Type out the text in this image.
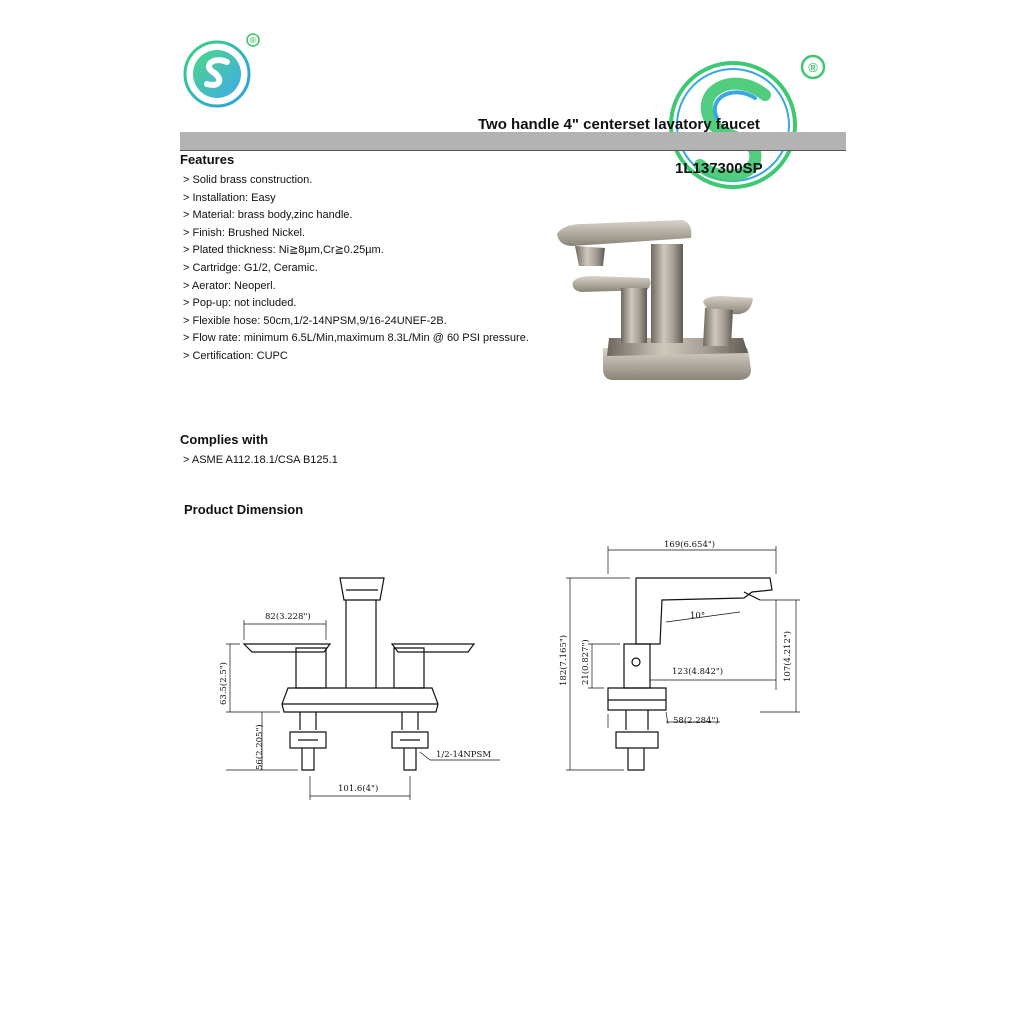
®
®
Two handle 4" centerset lavatory faucet
1L137300SP
Features
> Solid brass construction.
> Installation: Easy
> Material: brass body,zinc handle.
> Finish: Brushed Nickel.
> Plated thickness: Ni≧‍8µm,Cr≧‍0.25µm.
> Cartridge: G1/2, Ceramic.
> Aerator: Neoperl.
> Pop-up: not included.
> Flexible hose: 50cm,1/2-14NPSM,9/16-24UNEF-2B.
> Flow rate: minimum 6.5L/Min,maximum 8.3L/Min @ 60 PSI pressure.
> Certification: CUPC
Complies with
> ASME A112.18.1/CSA B125.1
Product Dimension
82(3.228")
63.5(2.5")
56(2.205")	1/2-14NPSM
101.6(4")
169(6.654")
10°
182(7.165") 21(0.827")	123(4.842")	107(4.212")
58(2.284")
